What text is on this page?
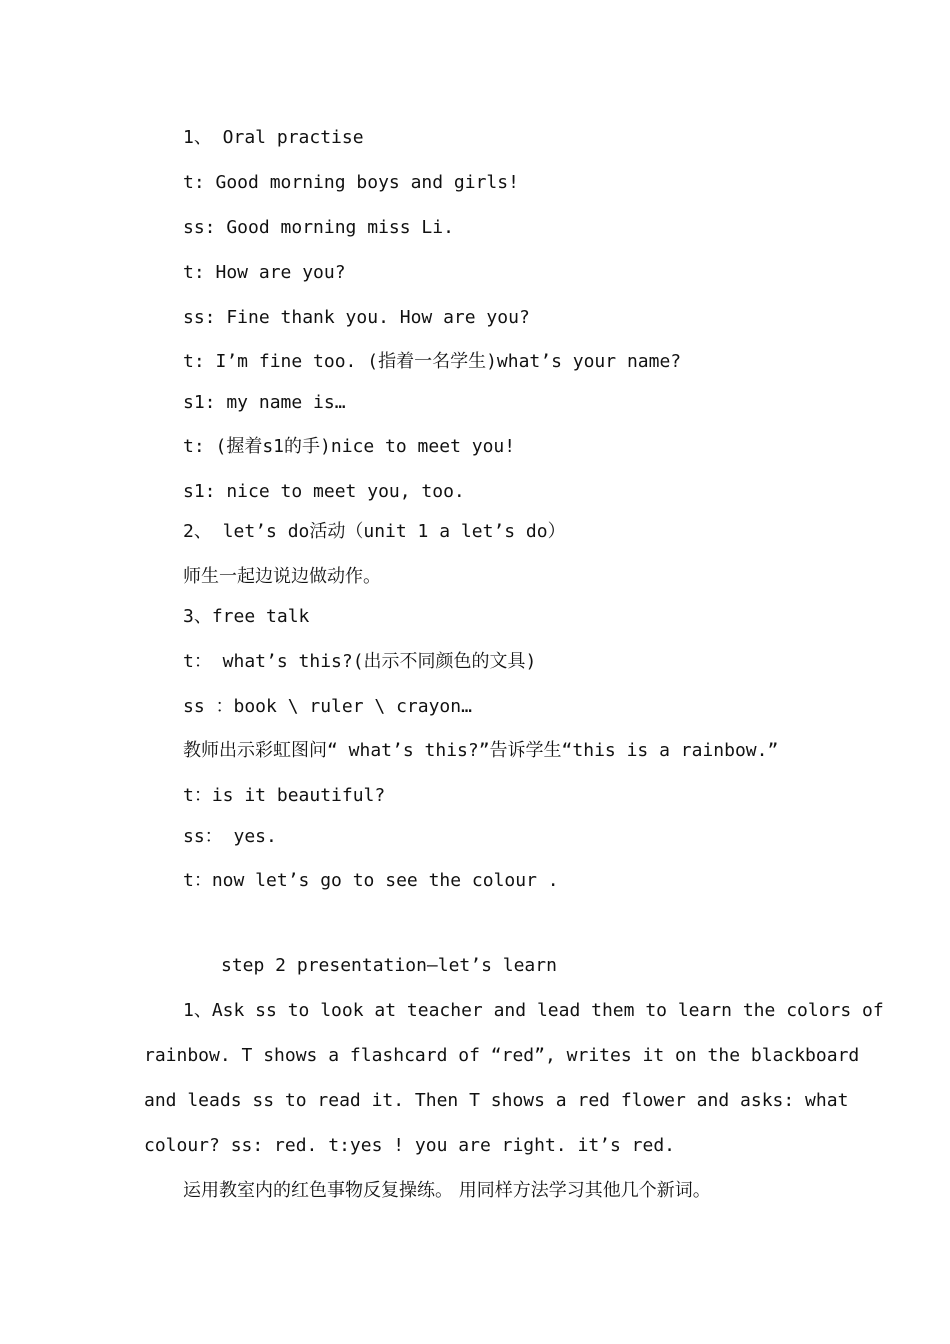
1、 Oral practise
t: Good morning boys and girls!
ss: Good morning miss Li.
t: How are you?
ss: Fine thank you. How are you?
t: I’m fine too. (指着一名学生)what’s your name?
s1: my name is…
t: (握着s1的手)nice to meet you!
s1: nice to meet you, too.
2、 let’s do活动（unit 1 a let’s do）
师生一起边说边做动作。
3、free talk
t： what’s this?(出示不同颜色的文具)
ss ：book \ ruler \ crayon…
教师出示彩虹图问“ what’s this?”告诉学生“this is a rainbow.”
t：is it beautiful?
ss： yes.
t：now let’s go to see the colour .
step 2 presentation—let’s learn
1、Ask ss to look at teacher and lead them to learn the colors of
rainbow. T shows a flashcard of “red”, writes it on the blackboard
and leads ss to read it. Then T shows a red flower and asks: what
colour? ss: red. t:yes ! you are right. it’s red.
运用教室内的红色事物反复操练。 用同样方法学习其他几个新词。
